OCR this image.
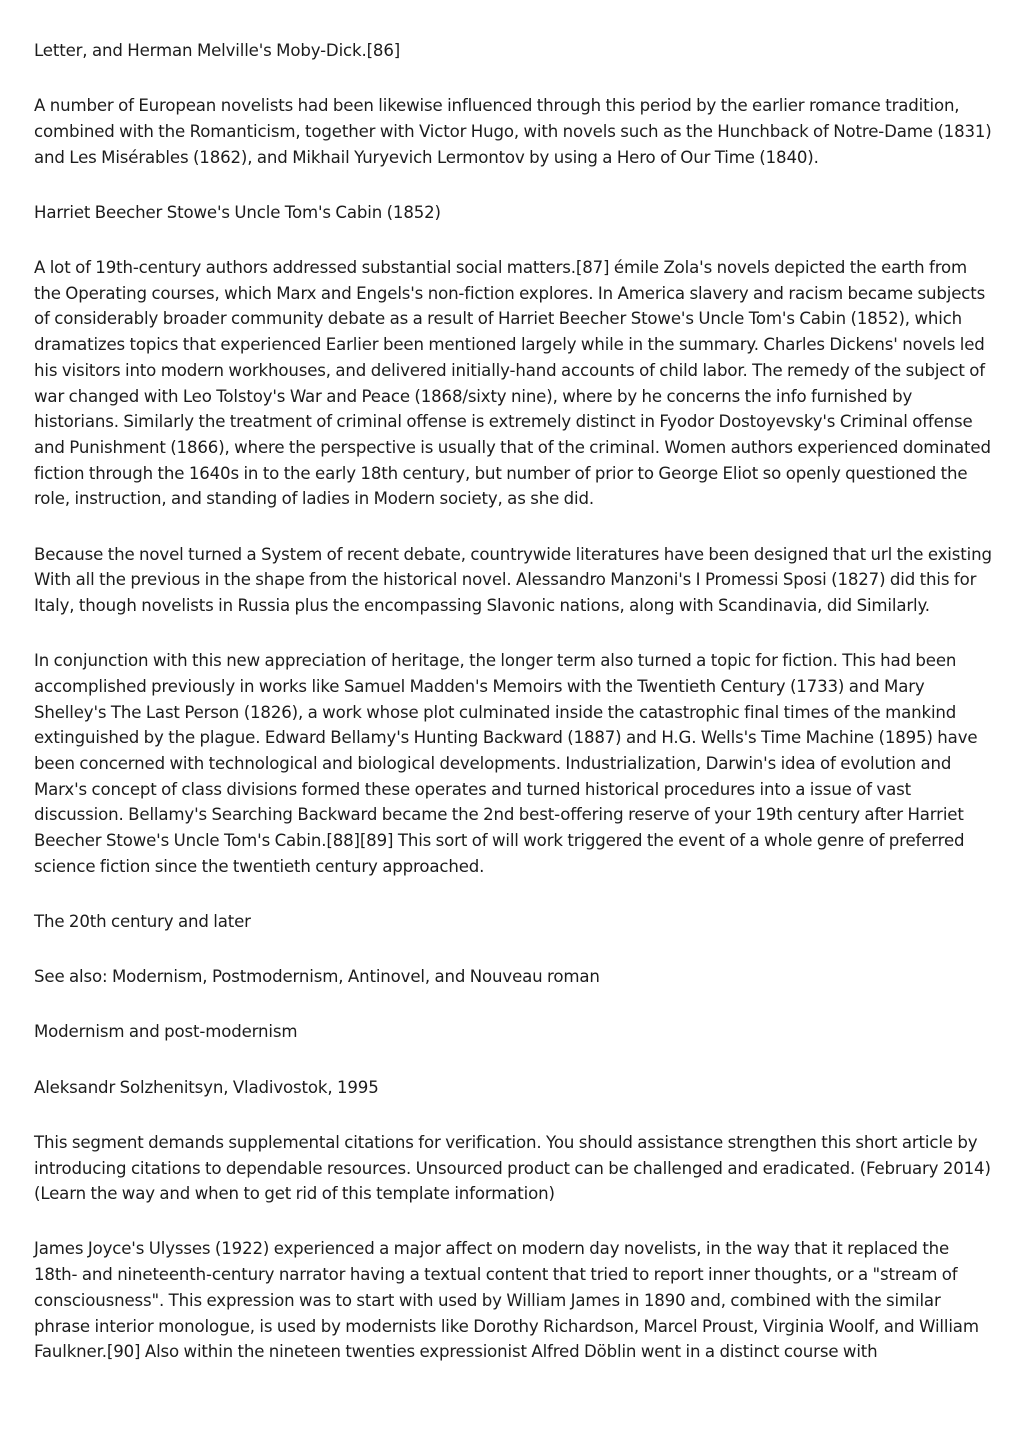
Letter, and Herman Melville's Moby-Dick.[86]

A number of European novelists had been likewise influenced through this period by the earlier romance tradition, combined with the Romanticism, together with Victor Hugo, with novels such as the Hunchback of Notre-Dame (1831) and Les Misérables (1862), and Mikhail Yuryevich Lermontov by using a Hero of Our Time (1840).

Harriet Beecher Stowe's Uncle Tom's Cabin (1852)

A lot of 19th-century authors addressed substantial social matters.[87] émile Zola's novels depicted the earth from the Operating courses, which Marx and Engels's non-fiction explores. In America slavery and racism became subjects of considerably broader community debate as a result of Harriet Beecher Stowe's Uncle Tom's Cabin (1852), which dramatizes topics that experienced Earlier been mentioned largely while in the summary. Charles Dickens' novels led his visitors into modern workhouses, and delivered initially-hand accounts of child labor. The remedy of the subject of war changed with Leo Tolstoy's War and Peace (1868/sixty nine), where by he concerns the info furnished by historians. Similarly the treatment of criminal offense is extremely distinct in Fyodor Dostoyevsky's Criminal offense and Punishment (1866), where the perspective is usually that of the criminal. Women authors experienced dominated fiction through the 1640s in to the early 18th century, but number of prior to George Eliot so openly questioned the role, instruction, and standing of ladies in Modern society, as she did.

Because the novel turned a System of recent debate, countrywide literatures have been designed that url the existing With all the previous in the shape from the historical novel. Alessandro Manzoni's I Promessi Sposi (1827) did this for Italy, though novelists in Russia plus the encompassing Slavonic nations, along with Scandinavia, did Similarly.

In conjunction with this new appreciation of heritage, the longer term also turned a topic for fiction. This had been accomplished previously in works like Samuel Madden's Memoirs with the Twentieth Century (1733) and Mary Shelley's The Last Person (1826), a work whose plot culminated inside the catastrophic final times of the mankind extinguished by the plague. Edward Bellamy's Hunting Backward (1887) and H.G. Wells's Time Machine (1895) have been concerned with technological and biological developments. Industrialization, Darwin's idea of evolution and Marx's concept of class divisions formed these operates and turned historical procedures into a issue of vast discussion. Bellamy's Searching Backward became the 2nd best-offering reserve of your 19th century after Harriet Beecher Stowe's Uncle Tom's Cabin.[88][89] This sort of will work triggered the event of a whole genre of preferred science fiction since the twentieth century approached.

The 20th century and later

See also: Modernism, Postmodernism, Antinovel, and Nouveau roman

Modernism and post-modernism

Aleksandr Solzhenitsyn, Vladivostok, 1995

This segment demands supplemental citations for verification. You should assistance strengthen this short article by introducing citations to dependable resources. Unsourced product can be challenged and eradicated. (February 2014) (Learn the way and when to get rid of this template information)

James Joyce's Ulysses (1922) experienced a major affect on modern day novelists, in the way that it replaced the 18th- and nineteenth-century narrator having a textual content that tried to report inner thoughts, or a "stream of consciousness". This expression was to start with used by William James in 1890 and, combined with the similar phrase interior monologue, is used by modernists like Dorothy Richardson, Marcel Proust, Virginia Woolf, and William Faulkner.[90] Also within the nineteen twenties expressionist Alfred Döblin went in a distinct course with
